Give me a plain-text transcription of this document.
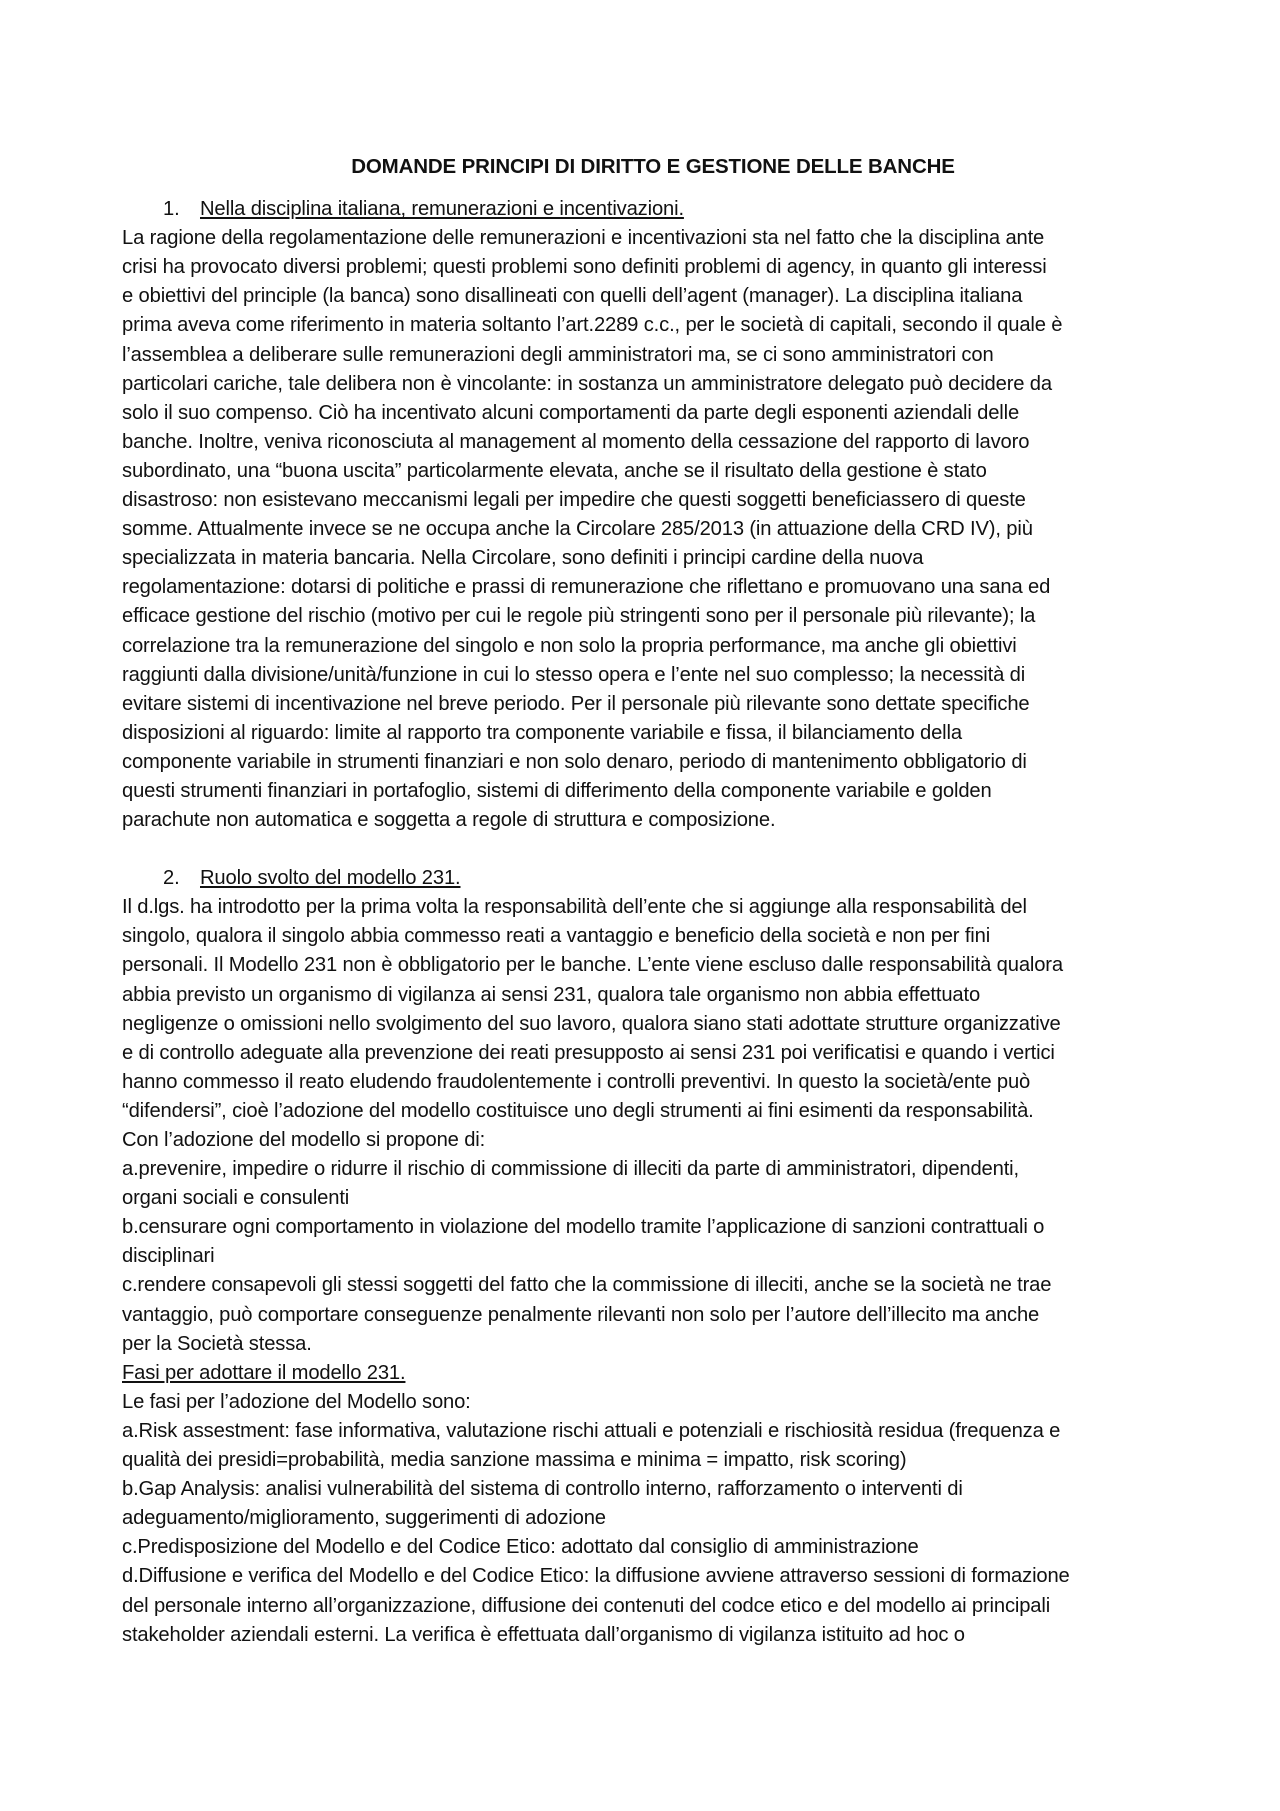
DOMANDE PRINCIPI DI DIRITTO E GESTIONE DELLE BANCHE
1.	Nella disciplina italiana, remunerazioni e incentivazioni.
La ragione della regolamentazione delle remunerazioni e incentivazioni sta nel fatto che la disciplina ante
crisi ha provocato diversi problemi; questi problemi sono definiti problemi di agency, in quanto gli interessi
e obiettivi del principle (la banca) sono disallineati con quelli dell’agent (manager). La disciplina italiana
prima aveva come riferimento in materia soltanto l’art.2289 c.c., per le società di capitali, secondo il quale è
l’assemblea a deliberare sulle remunerazioni degli amministratori ma, se ci sono amministratori con
particolari cariche, tale delibera non è vincolante: in sostanza un amministratore delegato può decidere da
solo il suo compenso. Ciò ha incentivato alcuni comportamenti da parte degli esponenti aziendali delle
banche. Inoltre, veniva riconosciuta al management al momento della cessazione del rapporto di lavoro
subordinato, una “buona uscita” particolarmente elevata, anche se il risultato della gestione è stato
disastroso: non esistevano meccanismi legali per impedire che questi soggetti beneficiassero di queste
somme. Attualmente invece se ne occupa anche la Circolare 285/2013 (in attuazione della CRD IV), più
specializzata in materia bancaria. Nella Circolare, sono definiti i principi cardine della nuova
regolamentazione: dotarsi di politiche e prassi di remunerazione che riflettano e promuovano una sana ed
efficace gestione del rischio (motivo per cui le regole più stringenti sono per il personale più rilevante); la
correlazione tra la remunerazione del singolo e non solo la propria performance, ma anche gli obiettivi
raggiunti dalla divisione/unità/funzione in cui lo stesso opera e l’ente nel suo complesso; la necessità di
evitare sistemi di incentivazione nel breve periodo. Per il personale più rilevante sono dettate specifiche
disposizioni al riguardo: limite al rapporto tra componente variabile e fissa, il bilanciamento della
componente variabile in strumenti finanziari e non solo denaro, periodo di mantenimento obbligatorio di
questi strumenti finanziari in portafoglio, sistemi di differimento della componente variabile e golden
parachute non automatica e soggetta a regole di struttura e composizione.
2.	Ruolo svolto del modello 231.
Il d.lgs. ha introdotto per la prima volta la responsabilità dell’ente che si aggiunge alla responsabilità del
singolo, qualora il singolo abbia commesso reati a vantaggio e beneficio della società e non per fini
personali. Il Modello 231 non è obbligatorio per le banche. L’ente viene escluso dalle responsabilità qualora
abbia previsto un organismo di vigilanza ai sensi 231, qualora tale organismo non abbia effettuato
negligenze o omissioni nello svolgimento del suo lavoro, qualora siano stati adottate strutture organizzative
e di controllo adeguate alla prevenzione dei reati presupposto ai sensi 231 poi verificatisi e quando i vertici
hanno commesso il reato eludendo fraudolentemente i controlli preventivi. In questo la società/ente può
“difendersi”, cioè l’adozione del modello costituisce uno degli strumenti ai fini esimenti da responsabilità.
Con l’adozione del modello si propone di:
a.prevenire, impedire o ridurre il rischio di commissione di illeciti da parte di amministratori, dipendenti,
organi sociali e consulenti
b.censurare ogni comportamento in violazione del modello tramite l’applicazione di sanzioni contrattuali o
disciplinari
c.rendere consapevoli gli stessi soggetti del fatto che la commissione di illeciti, anche se la società ne trae
vantaggio, può comportare conseguenze penalmente rilevanti non solo per l’autore dell’illecito ma anche
per la Società stessa.
Fasi per adottare il modello 231.
Le fasi per l’adozione del Modello sono:
a.Risk assestment: fase informativa, valutazione rischi attuali e potenziali e rischiosità residua (frequenza e
qualità dei presidi=probabilità, media sanzione massima e minima = impatto, risk scoring)
b.Gap Analysis: analisi vulnerabilità del sistema di controllo interno, rafforzamento o interventi di
adeguamento/miglioramento, suggerimenti di adozione
c.Predisposizione del Modello e del Codice Etico: adottato dal consiglio di amministrazione
d.Diffusione e verifica del Modello e del Codice Etico: la diffusione avviene attraverso sessioni di formazione
del personale interno all’organizzazione, diffusione dei contenuti del codce etico e del modello ai principali
stakeholder aziendali esterni. La verifica è effettuata dall’organismo di vigilanza istituito ad hoc o
